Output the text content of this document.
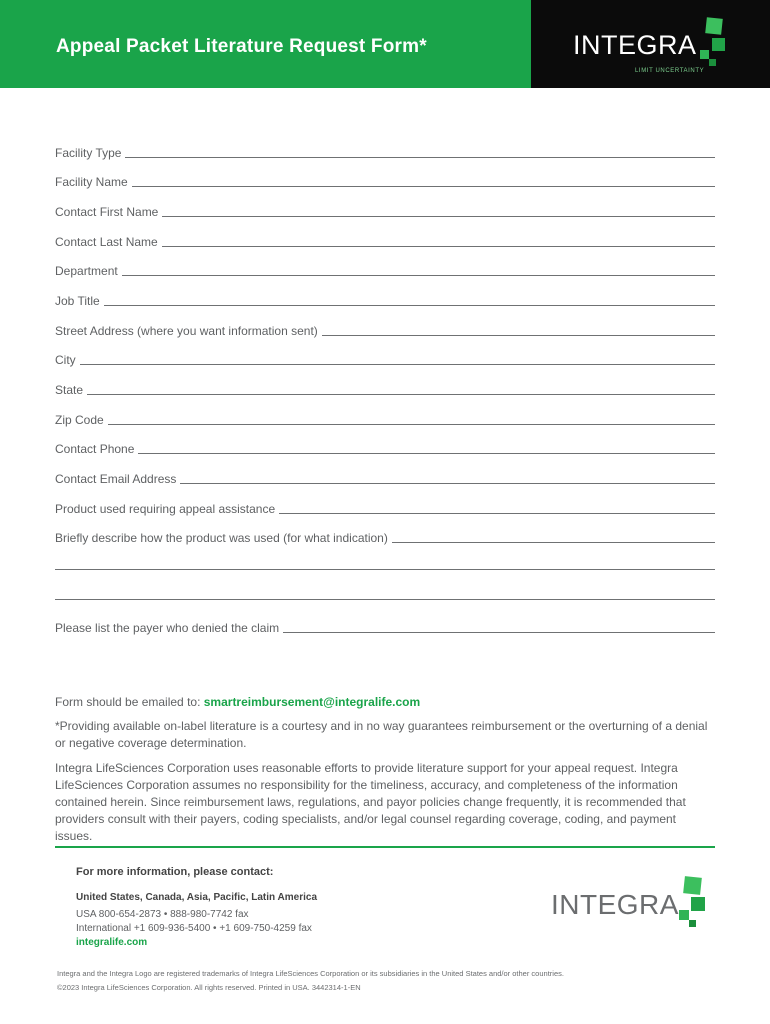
Appeal Packet Literature Request Form*	INTEGRA
LIMIT UNCERTAINTY
Facility Type
Facility Name
Contact First Name
Contact Last Name
Department
Job Title
Street Address (where you want information sent)
City
State
Zip Code
Contact Phone
Contact Email Address
Product used requiring appeal assistance
Briefly describe how the product was used (for what indication)
Please list the payer who denied the claim
Form should be emailed to: smartreimbursement@integralife.com
*Providing available on-label literature is a courtesy and in no way guarantees reimbursement or the overturning of a denial or negative coverage determination.
Integra LifeSciences Corporation uses reasonable efforts to provide literature support for your appeal request. Integra LifeSciences Corporation assumes no responsibility for the timeliness, accuracy, and completeness of the information contained herein. Since reimbursement laws, regulations, and payor policies change frequently, it is recommended that providers consult with their payers, coding specialists, and/or legal counsel regarding coverage, coding, and payment issues.
For more information, please contact:
United States, Canada, Asia, Pacific, Latin America
USA 800-654-2873 • 888-980-7742 fax
International +1 609-936-5400 • +1 609-750-4259 fax
integralife.com
INTEGRA
Integra and the Integra Logo are registered trademarks of Integra LifeSciences Corporation or its subsidiaries in the United States and/or other countries.
©2023 Integra LifeSciences Corporation. All rights reserved. Printed in USA. 3442314-1-EN
